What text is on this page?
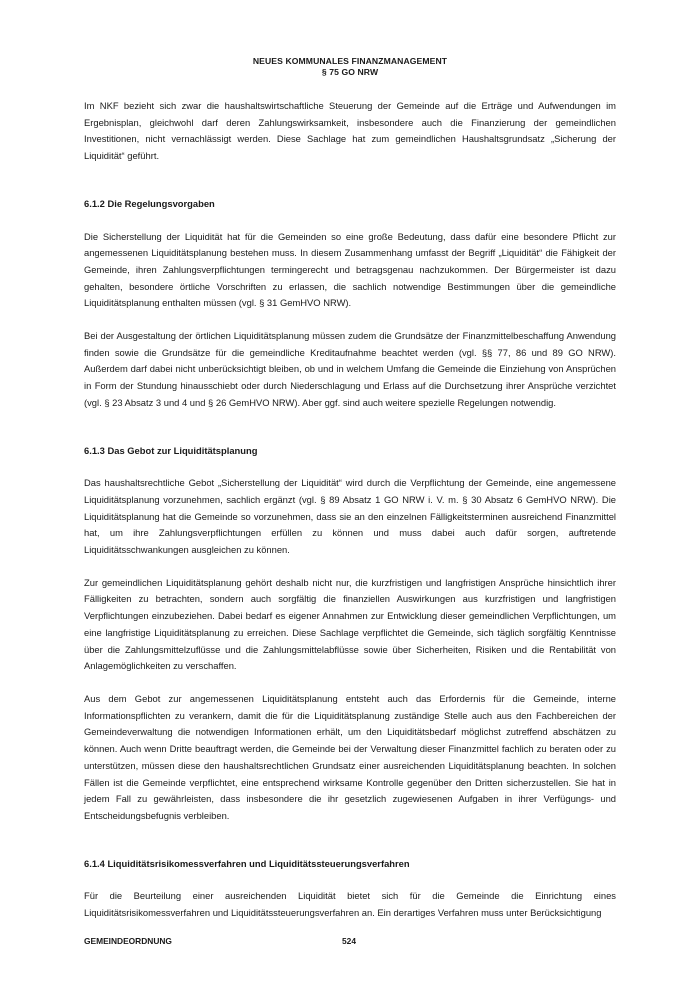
NEUES KOMMUNALES FINANZMANAGEMENT
§ 75 GO NRW

Im NKF bezieht sich zwar die haushaltswirtschaftliche Steuerung der Gemeinde auf die Erträge und Aufwendungen im Ergebnisplan, gleichwohl darf deren Zahlungswirksamkeit, insbesondere auch die Finanzierung der gemeindlichen Investitionen, nicht vernachlässigt werden. Diese Sachlage hat zum gemeindlichen Haushaltsgrundsatz „Sicherung der Liquidität“ geführt.

6.1.2 Die Regelungsvorgaben

Die Sicherstellung der Liquidität hat für die Gemeinden so eine große Bedeutung, dass dafür eine besondere Pflicht zur angemessenen Liquiditätsplanung bestehen muss. In diesem Zusammenhang umfasst der Begriff „Liquidität“ die Fähigkeit der Gemeinde, ihren Zahlungsverpflichtungen termingerecht und betragsgenau nachzukommen. Der Bürgermeister ist dazu gehalten, besondere örtliche Vorschriften zu erlassen, die sachlich notwendige Bestimmungen über die gemeindliche Liquiditätsplanung enthalten müssen (vgl. § 31 GemHVO NRW).

Bei der Ausgestaltung der örtlichen Liquiditätsplanung müssen zudem die Grundsätze der Finanzmittelbeschaffung Anwendung finden sowie die Grundsätze für die gemeindliche Kreditaufnahme beachtet werden (vgl. §§ 77, 86 und 89 GO NRW). Außerdem darf dabei nicht unberücksichtigt bleiben, ob und in welchem Umfang die Gemeinde die Einziehung von Ansprüchen in Form der Stundung hinausschiebt oder durch Niederschlagung und Erlass auf die Durchsetzung ihrer Ansprüche verzichtet (vgl. § 23 Absatz 3 und 4 und § 26 GemHVO NRW). Aber ggf. sind auch weitere spezielle Regelungen notwendig.

6.1.3 Das Gebot zur Liquiditätsplanung

Das haushaltsrechtliche Gebot „Sicherstellung der Liquidität“ wird durch die Verpflichtung der Gemeinde, eine angemessene Liquiditätsplanung vorzunehmen, sachlich ergänzt (vgl. § 89 Absatz 1 GO NRW i. V. m. § 30 Absatz 6 GemHVO NRW). Die Liquiditätsplanung hat die Gemeinde so vorzunehmen, dass sie an den einzelnen Fälligkeitsterminen ausreichend Finanzmittel hat, um ihre Zahlungsverpflichtungen erfüllen zu können und muss dabei auch dafür sorgen, auftretende Liquiditätsschwankungen ausgleichen zu können.

Zur gemeindlichen Liquiditätsplanung gehört deshalb nicht nur, die kurzfristigen und langfristigen Ansprüche hinsichtlich ihrer Fälligkeiten zu betrachten, sondern auch sorgfältig die finanziellen Auswirkungen aus kurzfristigen und langfristigen Verpflichtungen einzubeziehen. Dabei bedarf es eigener Annahmen zur Entwicklung dieser gemeindlichen Verpflichtungen, um eine langfristige Liquiditätsplanung zu erreichen. Diese Sachlage verpflichtet die Gemeinde, sich täglich sorgfältig Kenntnisse über die Zahlungsmittelzuflüsse und die Zahlungsmittelabflüsse sowie über Sicherheiten, Risiken und die Rentabilität von Anlagemöglichkeiten zu verschaffen.

Aus dem Gebot zur angemessenen Liquiditätsplanung entsteht auch das Erfordernis für die Gemeinde, interne Informationspflichten zu verankern, damit die für die Liquiditätsplanung zuständige Stelle auch aus den Fachbereichen der Gemeindeverwaltung die notwendigen Informationen erhält, um den Liquiditätsbedarf möglichst zutreffend abschätzen zu können. Auch wenn Dritte beauftragt werden, die Gemeinde bei der Verwaltung dieser Finanzmittel fachlich zu beraten oder zu unterstützen, müssen diese den haushaltsrechtlichen Grundsatz einer ausreichenden Liquiditätsplanung beachten. In solchen Fällen ist die Gemeinde verpflichtet, eine entsprechend wirksame Kontrolle gegenüber den Dritten sicherzustellen. Sie hat in jedem Fall zu gewährleisten, dass insbesondere die ihr gesetzlich zugewiesenen Aufgaben in ihrer Verfügungs- und Entscheidungsbefugnis verbleiben.

6.1.4 Liquiditätsrisikomessverfahren und Liquiditätssteuerungsverfahren

Für die Beurteilung einer ausreichenden Liquidität bietet sich für die Gemeinde die Einrichtung eines Liquiditätsrisikomessverfahren und Liquiditätssteuerungsverfahren an. Ein derartiges Verfahren muss unter Berücksichtigung

GEMEINDEORDNUNG	524
